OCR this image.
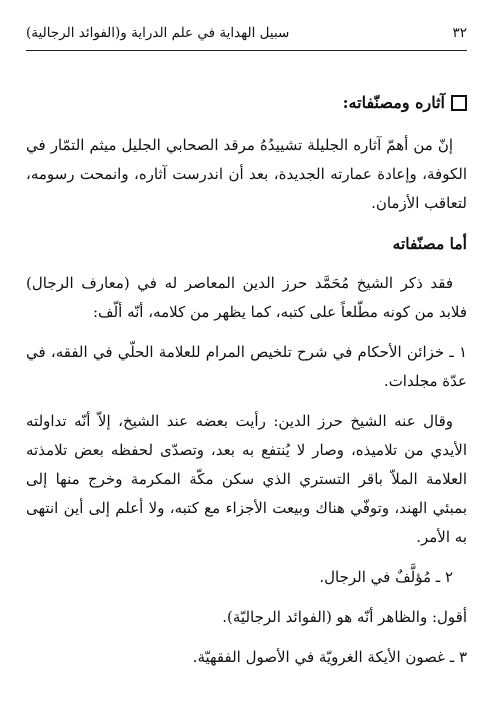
٣٢
سبيل الهداية في علم الدراية و(الفوائد الرجالية)

آثاره ومصنّفاته:

إنّ من أهمّ آثاره الجليلة تشييدُهُ مرقد الصحابي الجليل ميثم التمّار في الكوفة، وإعادة عمارته الجديدة، بعد أن اندرست آثاره، وانمحت رسومه، لتعاقب الأزمان.

أما مصنّفاته

فقد ذكر الشيخ مُحَمَّد حرز الدين المعاصر له في (معارف الرجال) فلابد من كونه مطّلعاً على كتبه، كما يظهر من كلامه، أنّه ألّف:

١ ـ خزائن الأحكام في شرح تلخيص المرام للعلامة الحلّي في الفقه، في عدّة مجلدات.

وقال عنه الشيخ حرز الدين: رأيت بعضه عند الشيخ، إلاّ أنّه تداولته الأيدي من تلاميذه، وصار لا يُنتفع به بعد، وتصدّى لحفظه بعض تلامذته العلامة الملاّ باقر التستري الذي سكن مكّة المكرمة وخرج منها إلى بمبئي الهند، وتوفّي هناك وبيعت الأجزاء مع كتبه، ولا أعلم إلى أين انتهى به الأمر.

٢ ـ مُؤلَّفٌ في الرجال.

أقول: والظاهر أنّه هو (الفوائد الرجاليّة).

٣ ـ غصون الأيكة الغرويّة في الأصول الفقهيّة.
